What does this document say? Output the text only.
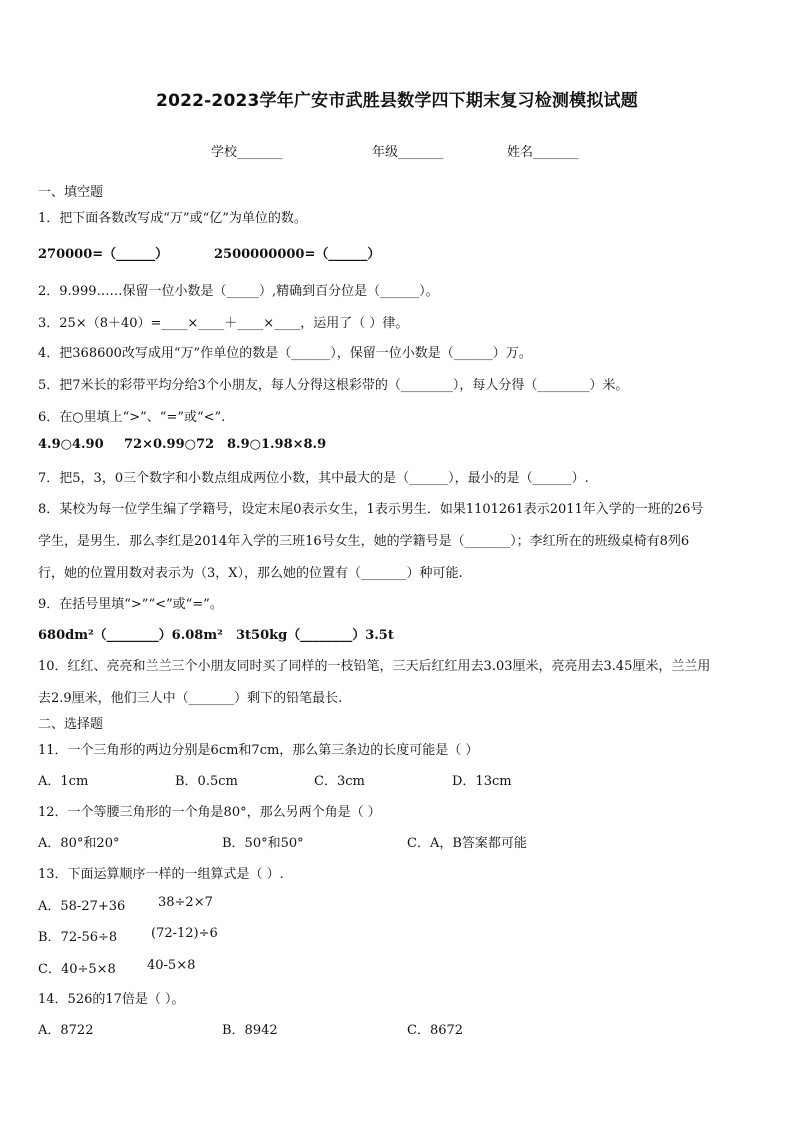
2022-2023学年广安市武胜县数学四下期末复习检测模拟试题
学校_______	年级_______	姓名_______
一、填空题
1．把下面各数改写成“万”或“亿”为单位的数。
270000=（______）	2500000000=（______）
2．9.999……保留一位小数是（_____）,精确到百分位是（______）。
3．25×（8＋40）=____×____＋____×____，运用了（ ）律。
4．把368600改写成用“万”作单位的数是（______），保留一位小数是（______）万。
5．把7米长的彩带平均分给3个小朋友，每人分得这根彩带的（________），每人分得（________）米。
6．在○里填上“>”、“=”或“<”.
4.9○4.90 72×0.99○72 8.9○1.98×8.9
7．把5，3，0三个数字和小数点组成两位小数，其中最大的是（______），最小的是（______）.
8．某校为每一位学生编了学籍号，设定末尾0表示女生，1表示男生．如果1101261表示2011年入学的一班的26号
学生，是男生．那么李红是2014年入学的三班16号女生，她的学籍号是（_______）；李红所在的班级桌椅有8列6
行，她的位置用数对表示为（3，X），那么她的位置有（_______）种可能.
9．在括号里填“>”“<”或“=”。
680dm²（________）6.08m² 3t50kg（________）3.5t
10．红红、亮亮和兰兰三个小朋友同时买了同样的一枝铅笔，三天后红红用去3.03厘米，亮亮用去3.45厘米，兰兰用
去2.9厘米，他们三人中（_______）剩下的铅笔最长.
二、选择题
11．一个三角形的两边分别是6cm和7cm，那么第三条边的长度可能是（ ）
A．1cm	B．0.5cm	C．3cm	D．13cm
12．一个等腰三角形的一个角是80°，那么另两个角是（ ）
A．80°和20°	B．50°和50°	C．A，B答案都可能
13．下面运算顺序一样的一组算式是（ ）.
A．58-27+36	38÷2×7
B．72-56÷8	(72-12)÷6
C．40÷5×8 40-5×8
14．526的17倍是（ ）。
A．8722	B．8942	C．8672
